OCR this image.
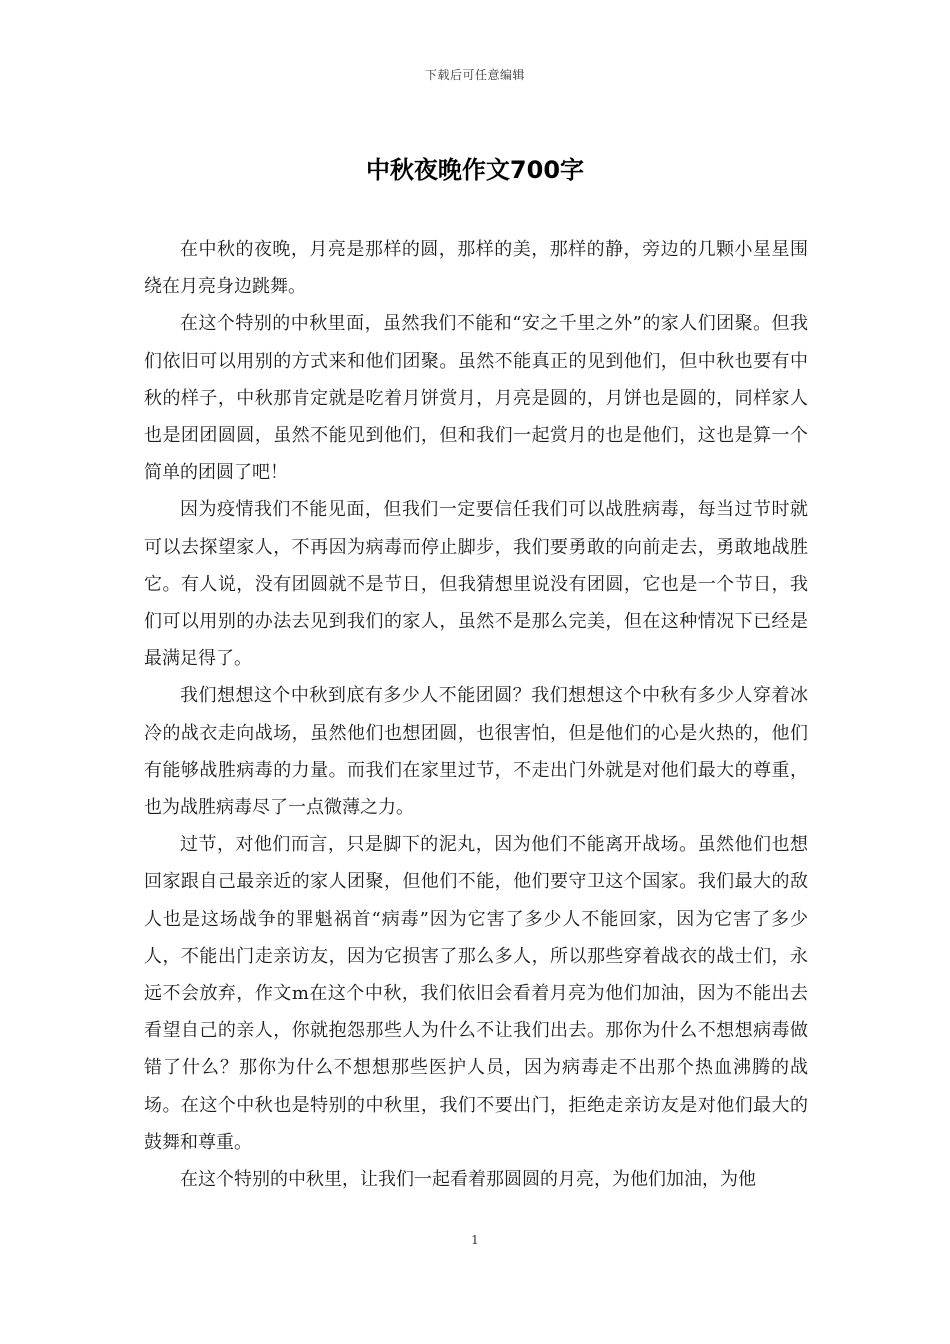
下载后可任意编辑
中秋夜晚作文700字

在中秋的夜晚，月亮是那样的圆，那样的美，那样的静，旁边的几颗小星星围绕在月亮身边跳舞。

在这个特别的中秋里面，虽然我们不能和“安之千里之外”的家人们团聚。但我们依旧可以用别的方式来和他们团聚。虽然不能真正的见到他们，但中秋也要有中秋的样子，中秋那肯定就是吃着月饼赏月，月亮是圆的，月饼也是圆的，同样家人也是团团圆圆，虽然不能见到他们，但和我们一起赏月的也是他们，这也是算一个简单的团圆了吧！

因为疫情我们不能见面，但我们一定要信任我们可以战胜病毒，每当过节时就可以去探望家人，不再因为病毒而停止脚步，我们要勇敢的向前走去，勇敢地战胜它。有人说，没有团圆就不是节日，但我猜想里说没有团圆，它也是一个节日，我们可以用别的办法去见到我们的家人，虽然不是那么完美，但在这种情况下已经是最满足得了。

我们想想这个中秋到底有多少人不能团圆？我们想想这个中秋有多少人穿着冰冷的战衣走向战场，虽然他们也想团圆，也很害怕，但是他们的心是火热的，他们有能够战胜病毒的力量。而我们在家里过节，不走出门外就是对他们最大的尊重，也为战胜病毒尽了一点微薄之力。

过节，对他们而言，只是脚下的泥丸，因为他们不能离开战场。虽然他们也想回家跟自己最亲近的家人团聚，但他们不能，他们要守卫这个国家。我们最大的敌人也是这场战争的罪魁祸首“病毒”因为它害了多少人不能回家，因为它害了多少人，不能出门走亲访友，因为它损害了那么多人，所以那些穿着战衣的战士们，永远不会放弃，作文m在这个中秋，我们依旧会看着月亮为他们加油，因为不能出去看望自己的亲人，你就抱怨那些人为什么不让我们出去。那你为什么不想想病毒做错了什么？那你为什么不想想那些医护人员，因为病毒走不出那个热血沸腾的战场。在这个中秋也是特别的中秋里，我们不要出门，拒绝走亲访友是对他们最大的鼓舞和尊重。

在这个特别的中秋里，让我们一起看着那圆圆的月亮，为他们加油，为他

1
